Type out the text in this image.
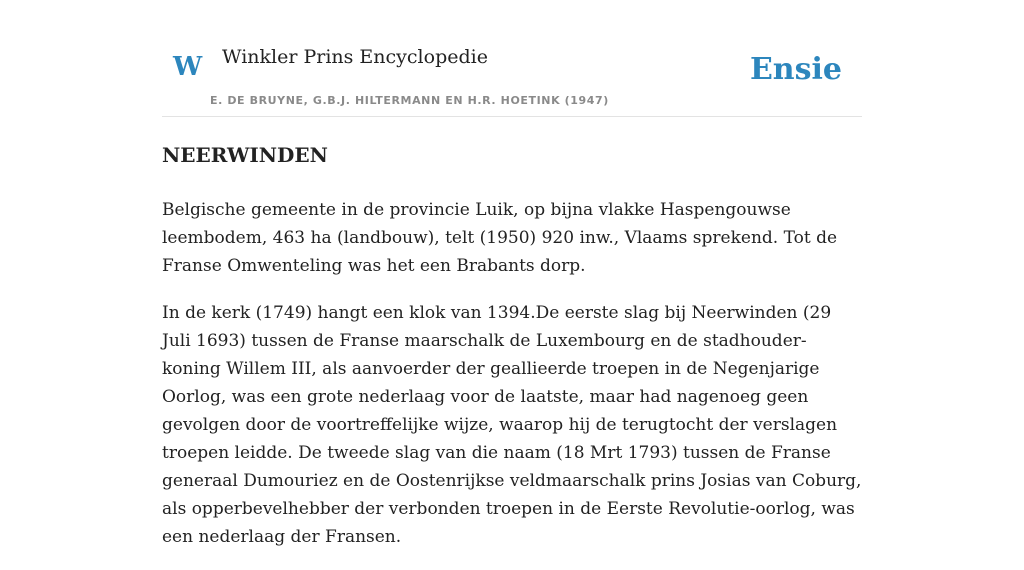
W Winkler Prins Encyclopedie
E. DE BRUYNE, G.B.J. HILTERMANN EN H.R. HOETINK (1947)
Ensie
NEERWINDEN

Belgische gemeente in de provincie Luik, op bijna vlakke Haspengouwse leembodem, 463 ha (landbouw), telt (1950) 920 inw., Vlaams sprekend. Tot de Franse Omwenteling was het een Brabants dorp.

In de kerk (1749) hangt een klok van 1394.De eerste slag bij Neerwinden (29 Juli 1693) tussen de Franse maarschalk de Luxembourg en de stadhouder-koning Willem III, als aanvoerder der geallieerde troepen in de Negenjarige Oorlog, was een grote nederlaag voor de laatste, maar had nagenoeg geen gevolgen door de voortreffelijke wijze, waarop hij de terugtocht der verslagen troepen leidde. De tweede slag van die naam (18 Mrt 1793) tussen de Franse generaal Dumouriez en de Oostenrijkse veldmaarschalk prins Josias van Coburg, als opperbevelhebber der verbonden troepen in de Eerste Revolutie-oorlog, was een nederlaag der Fransen.
